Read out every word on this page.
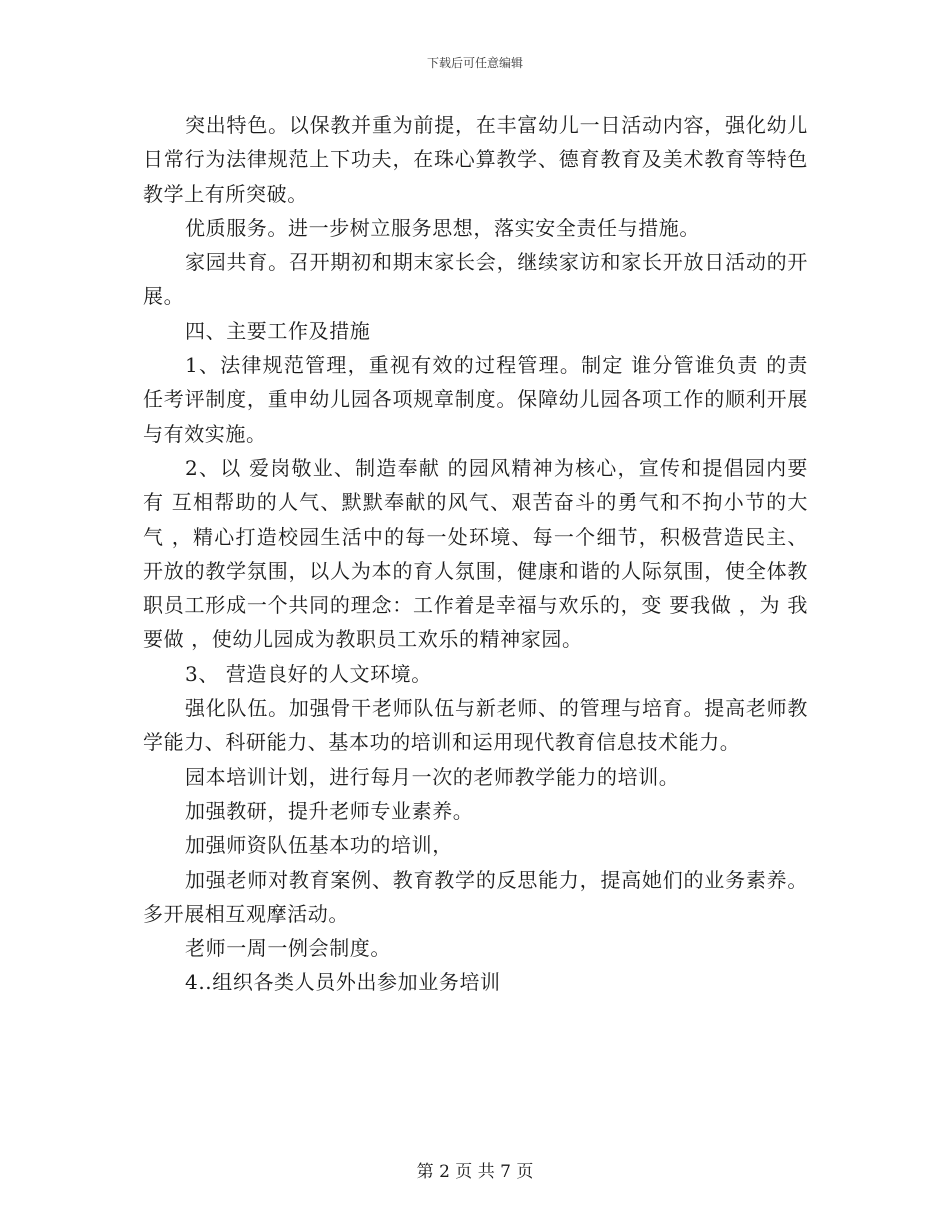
下载后可任意编辑

突出特色。以保教并重为前提，在丰富幼儿一日活动内容，强化幼儿日常行为法律规范上下功夫，在珠心算教学、德育教育及美术教育等特色教学上有所突破。

优质服务。进一步树立服务思想，落实安全责任与措施。

家园共育。召开期初和期末家长会，继续家访和家长开放日活动的开展。

四、主要工作及措施

1、法律规范管理，重视有效的过程管理。制定 谁分管谁负责 的责任考评制度，重申幼儿园各项规章制度。保障幼儿园各项工作的顺利开展与有效实施。

2、以 爱岗敬业、制造奉献 的园风精神为核心，宣传和提倡园内要有 互相帮助的人气、默默奉献的风气、艰苦奋斗的勇气和不拘小节的大气 ，精心打造校园生活中的每一处环境、每一个细节，积极营造民主、开放的教学氛围，以人为本的育人氛围，健康和谐的人际氛围，使全体教职员工形成一个共同的理念：工作着是幸福与欢乐的，变 要我做 ，为 我要做 ，使幼儿园成为教职员工欢乐的精神家园。

3、 营造良好的人文环境。

强化队伍。加强骨干老师队伍与新老师、的管理与培育。提高老师教学能力、科研能力、基本功的培训和运用现代教育信息技术能力。

园本培训计划，进行每月一次的老师教学能力的培训。

加强教研，提升老师专业素养。

加强师资队伍基本功的培训，

加强老师对教育案例、教育教学的反思能力，提高她们的业务素养。多开展相互观摩活动。

老师一周一例会制度。

4..组织各类人员外出参加业务培训

第 2 页 共 7 页
